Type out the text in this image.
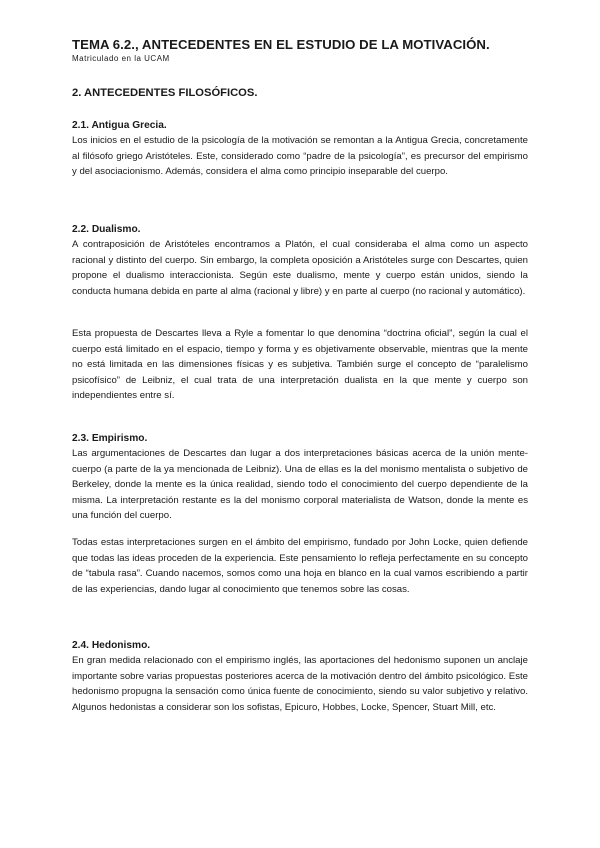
TEMA 6.2., ANTECEDENTES EN EL ESTUDIO DE LA MOTIVACIÓN.
Matriculado en la UCAM
2. ANTECEDENTES FILOSÓFICOS.
2.1. Antigua Grecia.

Los inicios en el estudio de la psicología de la motivación se remontan a la Antigua Grecia, concretamente al filósofo griego Aristóteles. Este, considerado como “padre de la psicología”, es precursor del empirismo y del asociacionismo. Además, considera el alma como principio inseparable del cuerpo.

2.2. Dualismo.

A contraposición de Aristóteles encontramos a Platón, el cual consideraba el alma como un aspecto racional y distinto del cuerpo. Sin embargo, la completa oposición a Aristóteles surge con Descartes, quien propone el dualismo interaccionista. Según este dualismo, mente y cuerpo están unidos, siendo la conducta humana debida en parte al alma (racional y libre) y en parte al cuerpo (no racional y automático).

Esta propuesta de Descartes lleva a Ryle a fomentar lo que denomina “doctrina oficial”, según la cual el cuerpo está limitado en el espacio, tiempo y forma y es objetivamente observable, mientras que la mente no está limitada en las dimensiones físicas y es subjetiva. También surge el concepto de “paralelismo psicofísico” de Leibniz, el cual trata de una interpretación dualista en la que mente y cuerpo son independientes entre sí.

2.3. Empirismo.

Las argumentaciones de Descartes dan lugar a dos interpretaciones básicas acerca de la unión mente-cuerpo (a parte de la ya mencionada de Leibniz). Una de ellas es la del monismo mentalista o subjetivo de Berkeley, donde la mente es la única realidad, siendo todo el conocimiento del cuerpo dependiente de la misma. La interpretación restante es la del monismo corporal materialista de Watson, donde la mente es una función del cuerpo.

Todas estas interpretaciones surgen en el ámbito del empirismo, fundado por John Locke, quien defiende que todas las ideas proceden de la experiencia. Este pensamiento lo refleja perfectamente en su concepto de “tabula rasa”. Cuando nacemos, somos como una hoja en blanco en la cual vamos escribiendo a partir de las experiencias, dando lugar al conocimiento que tenemos sobre las cosas.

2.4. Hedonismo.

En gran medida relacionado con el empirismo inglés, las aportaciones del hedonismo suponen un anclaje importante sobre varias propuestas posteriores acerca de la motivación dentro del ámbito psicológico. Este hedonismo propugna la sensación como única fuente de conocimiento, siendo su valor subjetivo y relativo. Algunos hedonistas a considerar son los sofistas, Epicuro, Hobbes, Locke, Spencer, Stuart Mill, etc.
